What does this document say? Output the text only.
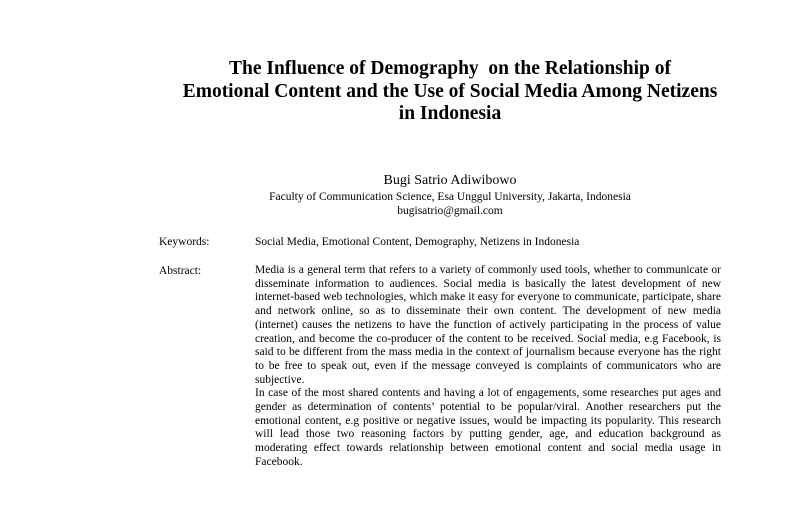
The Influence of Demography  on the Relationship of
Emotional Content and the Use of Social Media Among Netizens
in Indonesia
Bugi Satrio Adiwibowo
Faculty of Communication Science, Esa Unggul University, Jakarta, Indonesia
bugisatrio@gmail.com
Keywords:	Social Media, Emotional Content, Demography, Netizens in Indonesia
Abstract:	Media is a general term that refers to a variety of commonly used tools, whether to communicate or disseminate information to audiences. Social media is basically the latest development of new internet-based web technologies, which make it easy for everyone to communicate, participate, share and network online, so as to disseminate their own content. The development of new media (internet) causes the netizens to have the function of actively participating in the process of value creation, and become the co-producer of the content to be received. Social media, e.g Facebook, is said to be different from the mass media in the context of journalism because everyone has the right to be free to speak out, even if the message conveyed is complaints of communicators who are subjective.

In case of the most shared contents and having a lot of engagements, some researches put ages and gender as determination of contents’ potential to be popular/viral. Another researchers put the emotional content, e.g positive or negative issues, would be impacting its popularity. This research will lead those two reasoning factors by putting gender, age, and education background as moderating effect towards relationship between emotional content and social media usage in Facebook.
